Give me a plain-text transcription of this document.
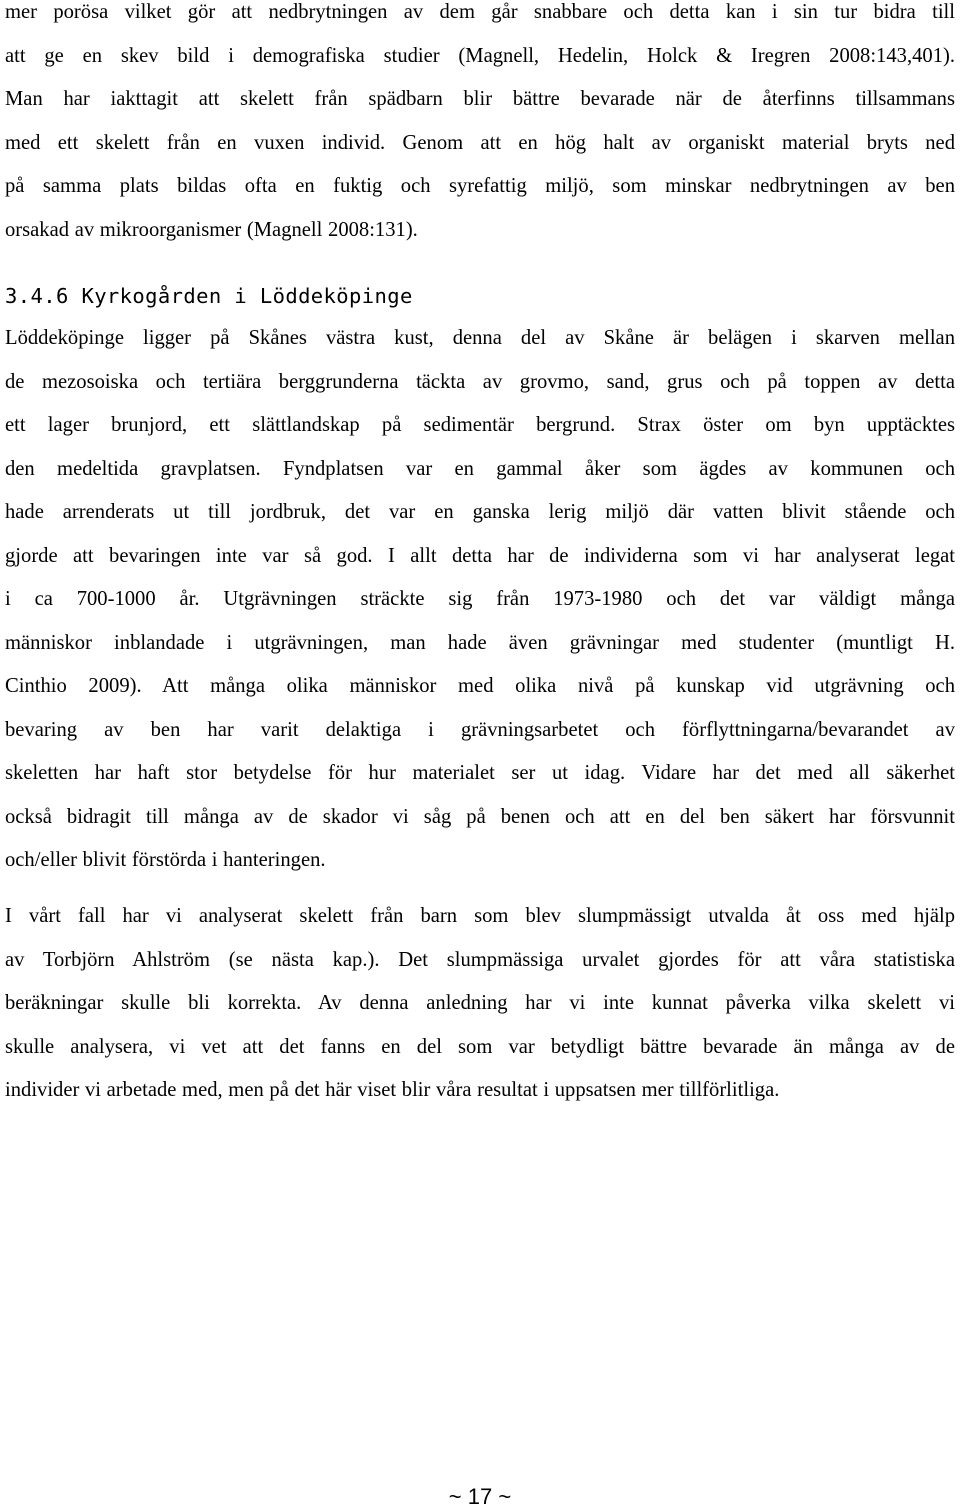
mer porösa vilket gör att nedbrytningen av dem går snabbare och detta kan i sin tur bidra till
att ge en skev bild i demografiska studier (Magnell, Hedelin, Holck & Iregren 2008:143,401).
Man har iakttagit att skelett från spädbarn blir bättre bevarade när de återfinns tillsammans
med ett skelett från en vuxen individ. Genom att en hög halt av organiskt material bryts ned
på samma plats bildas ofta en fuktig och syrefattig miljö, som minskar nedbrytningen av ben
orsakad av mikroorganismer (Magnell 2008:131).
3.4.6 Kyrkogården i Löddeköpinge
Löddeköpinge ligger på Skånes västra kust, denna del av Skåne är belägen i skarven mellan
de mezosoiska och tertiära berggrunderna täckta av grovmo, sand, grus och på toppen av detta
ett lager brunjord, ett slättlandskap på sedimentär bergrund. Strax öster om byn upptäcktes
den medeltida gravplatsen. Fyndplatsen var en gammal åker som ägdes av kommunen och
hade arrenderats ut till jordbruk, det var en ganska lerig miljö där vatten blivit stående och
gjorde att bevaringen inte var så god. I allt detta har de individerna som vi har analyserat legat
i ca 700-1000 år. Utgrävningen sträckte sig från 1973-1980 och det var väldigt många
människor inblandade i utgrävningen, man hade även grävningar med studenter (muntligt H.
Cinthio 2009). Att många olika människor med olika nivå på kunskap vid utgrävning och
bevaring av ben har varit delaktiga i grävningsarbetet och förflyttningarna/bevarandet av
skeletten har haft stor betydelse för hur materialet ser ut idag. Vidare har det med all säkerhet
också bidragit till många av de skador vi såg på benen och att en del ben säkert har försvunnit
och/eller blivit förstörda i hanteringen.
I vårt fall har vi analyserat skelett från barn som blev slumpmässigt utvalda åt oss med hjälp
av Torbjörn Ahlström (se nästa kap.). Det slumpmässiga urvalet gjordes för att våra statistiska
beräkningar skulle bli korrekta. Av denna anledning har vi inte kunnat påverka vilka skelett vi
skulle analysera, vi vet att det fanns en del som var betydligt bättre bevarade än många av de
individer vi arbetade med, men på det här viset blir våra resultat i uppsatsen mer tillförlitliga.
~ 17 ~
